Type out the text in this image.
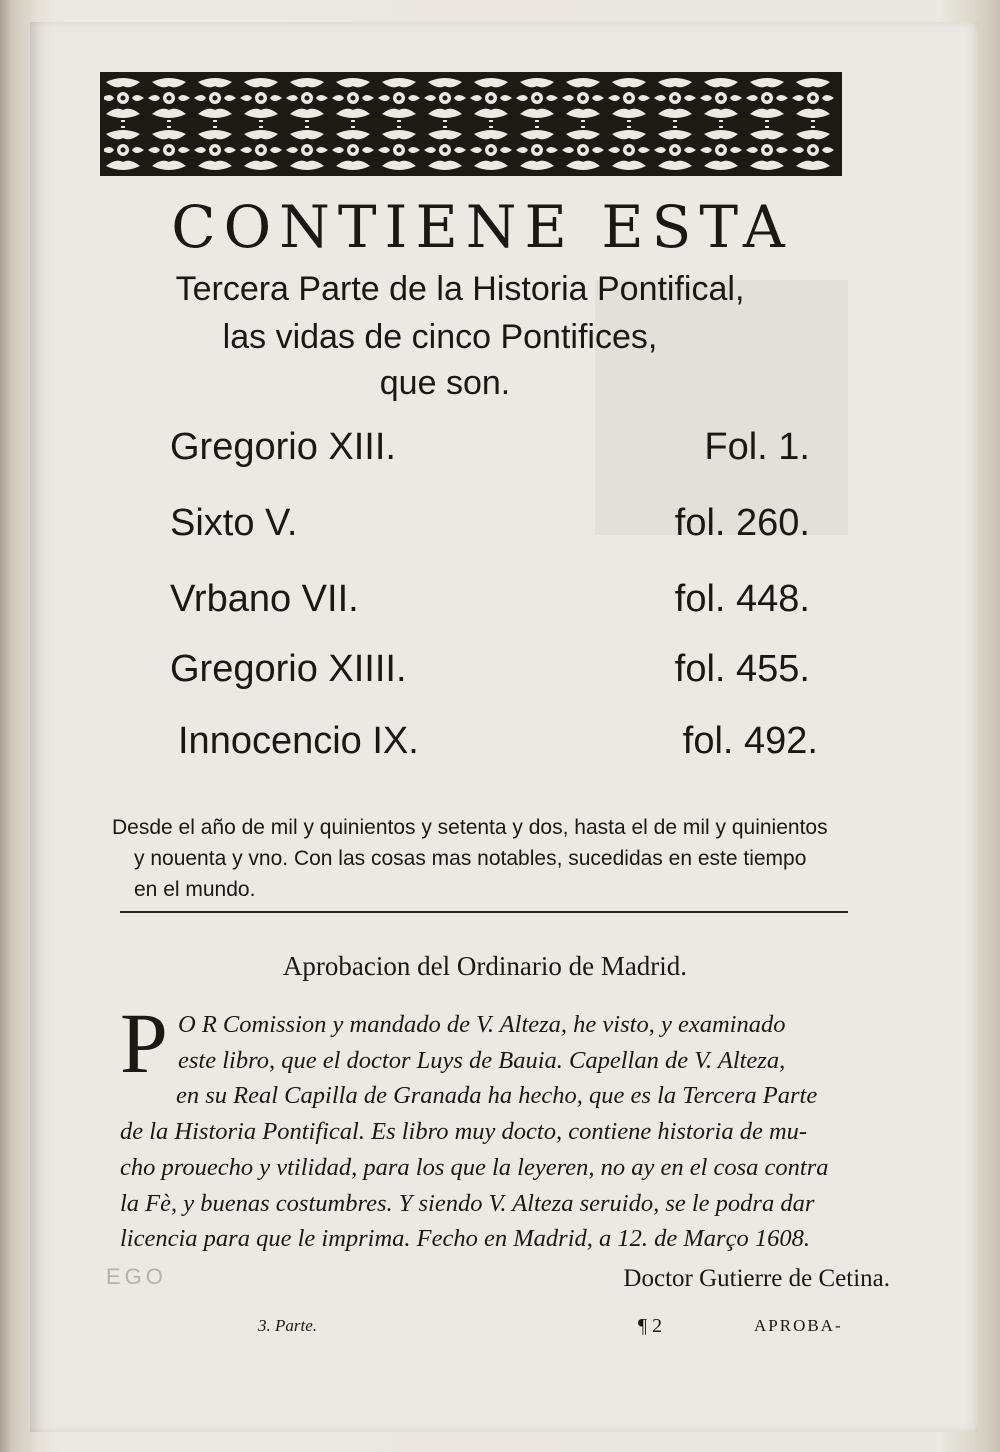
CONTIENE ESTA
Tercera Parte de la Historia Pontifical,
las vidas de cinco Pontifices,
que son.
Gregorio XIII.	Fol. 1.
Sixto V.	fol. 260.
Vrbano VII.	fol. 448.
Gregorio XIIII.	fol. 455.
Innocencio IX.	fol. 492.
Desde el año de mil y quinientos y setenta y dos, hasta el de mil y quinientos
y nouenta y vno. Con las cosas mas notables, sucedidas en este tiempo
en el mundo.
Aprobacion del Ordinario de Madrid.
P O R Comission y mandado de V. Alteza, he visto, y examinado
este libro, que el doctor Luys de Bauia. Capellan de V. Alteza,
en su Real Capilla de Granada ha hecho, que es la Tercera Parte
de la Historia Pontifical. Es libro muy docto, contiene historia de mu-
cho prouecho y vtilidad, para los que la leyeren, no ay en el cosa contra
la Fè, y buenas costumbres. Y siendo V. Alteza seruido, se le podra dar
licencia para que le imprima. Fecho en Madrid, a 12. de Março 1608.
Doctor Gutierre de Cetina.
EGO
3. Parte.	¶ 2	APROBA-
